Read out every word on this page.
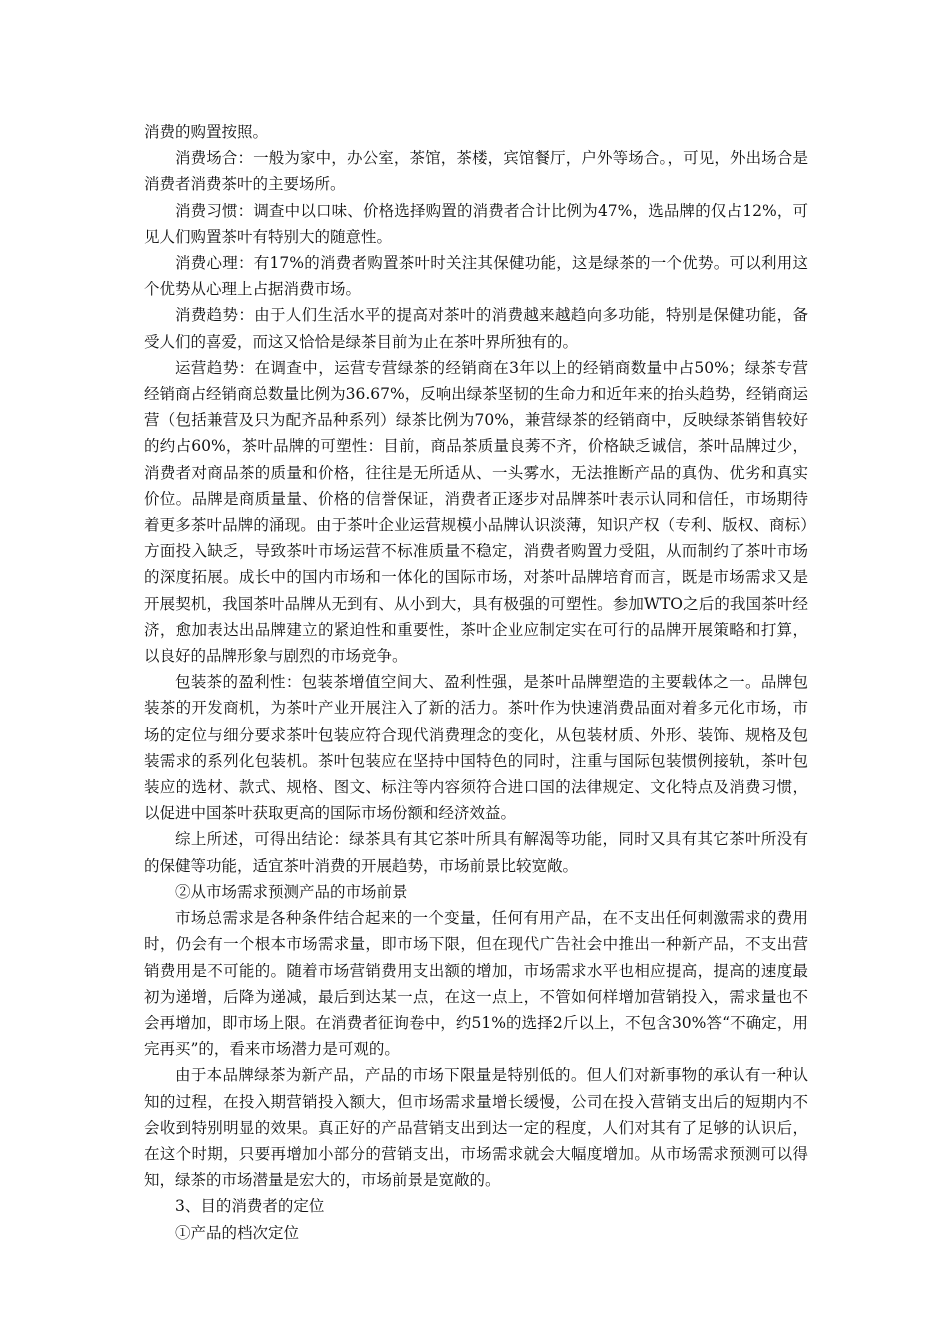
消费的购置按照。

消费场合：一般为家中，办公室，茶馆，茶楼，宾馆餐厅，户外等场合。，可见，外出场合是消费者消费茶叶的主要场所。

消费习惯：调查中以口味、价格选择购置的消费者合计比例为47%，选品牌的仅占12%，可见人们购置茶叶有特别大的随意性。

消费心理：有17%的消费者购置茶叶时关注其保健功能，这是绿茶的一个优势。可以利用这个优势从心理上占据消费市场。

消费趋势：由于人们生活水平的提高对茶叶的消费越来越趋向多功能，特别是保健功能，备受人们的喜爱，而这又恰恰是绿茶目前为止在茶叶界所独有的。

运营趋势：在调查中，运营专营绿茶的经销商在3年以上的经销商数量中占50%；绿茶专营经销商占经销商总数量比例为36.67%，反响出绿茶坚韧的生命力和近年来的抬头趋势，经销商运营（包括兼营及只为配齐品种系列）绿茶比例为70%，兼营绿茶的经销商中，反映绿茶销售较好的约占60%，茶叶品牌的可塑性：目前，商品茶质量良莠不齐，价格缺乏诚信，茶叶品牌过少，消费者对商品茶的质量和价格，往往是无所适从、一头雾水，无法推断产品的真伪、优劣和真实价位。品牌是商质量量、价格的信誉保证，消费者正逐步对品牌茶叶表示认同和信任，市场期待着更多茶叶品牌的涌现。由于茶叶企业运营规模小品牌认识淡薄，知识产权（专利、版权、商标）方面投入缺乏，导致茶叶市场运营不标准质量不稳定，消费者购置力受阻，从而制约了茶叶市场的深度拓展。成长中的国内市场和一体化的国际市场，对茶叶品牌培育而言，既是市场需求又是开展契机，我国茶叶品牌从无到有、从小到大，具有极强的可塑性。参加WTO之后的我国茶叶经济，愈加表达出品牌建立的紧迫性和重要性，茶叶企业应制定实在可行的品牌开展策略和打算，以良好的品牌形象与剧烈的市场竞争。

包装茶的盈利性：包装茶增值空间大、盈利性强，是茶叶品牌塑造的主要载体之一。品牌包装茶的开发商机，为茶叶产业开展注入了新的活力。茶叶作为快速消费品面对着多元化市场，市场的定位与细分要求茶叶包装应符合现代消费理念的变化，从包装材质、外形、装饰、规格及包装需求的系列化包装机。茶叶包装应在坚持中国特色的同时，注重与国际包装惯例接轨，茶叶包装应的选材、款式、规格、图文、标注等内容须符合进口国的法律规定、文化特点及消费习惯，以促进中国茶叶获取更高的国际市场份额和经济效益。

综上所述，可得出结论：绿茶具有其它茶叶所具有解渴等功能，同时又具有其它茶叶所没有的保健等功能，适宜茶叶消费的开展趋势，市场前景比较宽敞。

②从市场需求预测产品的市场前景

市场总需求是各种条件结合起来的一个变量，任何有用产品，在不支出任何刺激需求的费用时，仍会有一个根本市场需求量，即市场下限，但在现代广告社会中推出一种新产品，不支出营销费用是不可能的。随着市场营销费用支出额的增加，市场需求水平也相应提高，提高的速度最初为递增，后降为递减，最后到达某一点，在这一点上，不管如何样增加营销投入，需求量也不会再增加，即市场上限。在消费者征询卷中，约51%的选择2斤以上，不包含30%答“不确定，用完再买”的，看来市场潜力是可观的。

由于本品牌绿茶为新产品，产品的市场下限量是特别低的。但人们对新事物的承认有一种认知的过程，在投入期营销投入额大，但市场需求量增长缓慢，公司在投入营销支出后的短期内不会收到特别明显的效果。真正好的产品营销支出到达一定的程度，人们对其有了足够的认识后，在这个时期，只要再增加小部分的营销支出，市场需求就会大幅度增加。从市场需求预测可以得知，绿茶的市场潜量是宏大的，市场前景是宽敞的。

3、目的消费者的定位

①产品的档次定位
